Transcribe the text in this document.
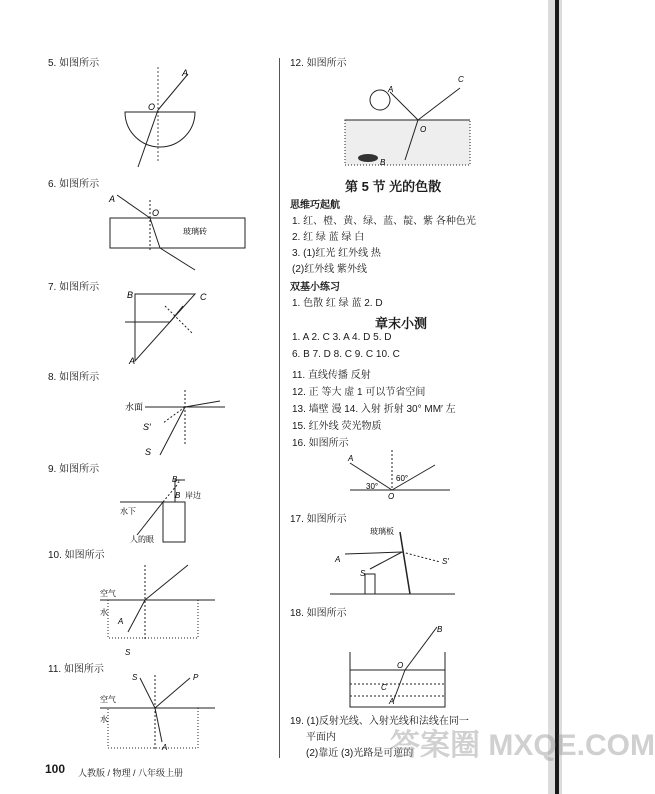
5. 如图所示
A
O
6. 如图所示
A
O
玻璃砖
7. 如图所示
B	C
A
8. 如图所示
水面
S′
S
9. 如图所示
B₁
B 岸边
水下
人的眼
10. 如图所示
空气
水
A
S
11. 如图所示
空气
水
S	P
A
12. 如图所示
A
C
O
B
第 5 节 光的色散
思维巧起航
1. 红、橙、黄、绿、蓝、靛、紫 各种色光
2. 红 绿 蓝 绿 白
3. (1)红光 红外线 热
(2)红外线 紫外线
双基小练习
1. 色散 红 绿 蓝 2. D
章末小测
1. A 2. C 3. A 4. D 5. D
6. B 7. D 8. C 9. C 10. C
11. 直线传播 反射
12. 正 等大 虚 1 可以节省空间
13. 墙壁 漫 14. 入射 折射 30° MM′ 左
15. 红外线 荧光物质
16. 如图所示
A
60°
30°
O
17. 如图所示
玻璃板
A	S′
S
18. 如图所示
B
O
C
A
19. (1)反射光线、入射光线和法线在同一
平面内
(2)靠近 (3)光路是可逆的
100 人教版 / 物理 / 八年级上册
答案圈 MXQE.COM
